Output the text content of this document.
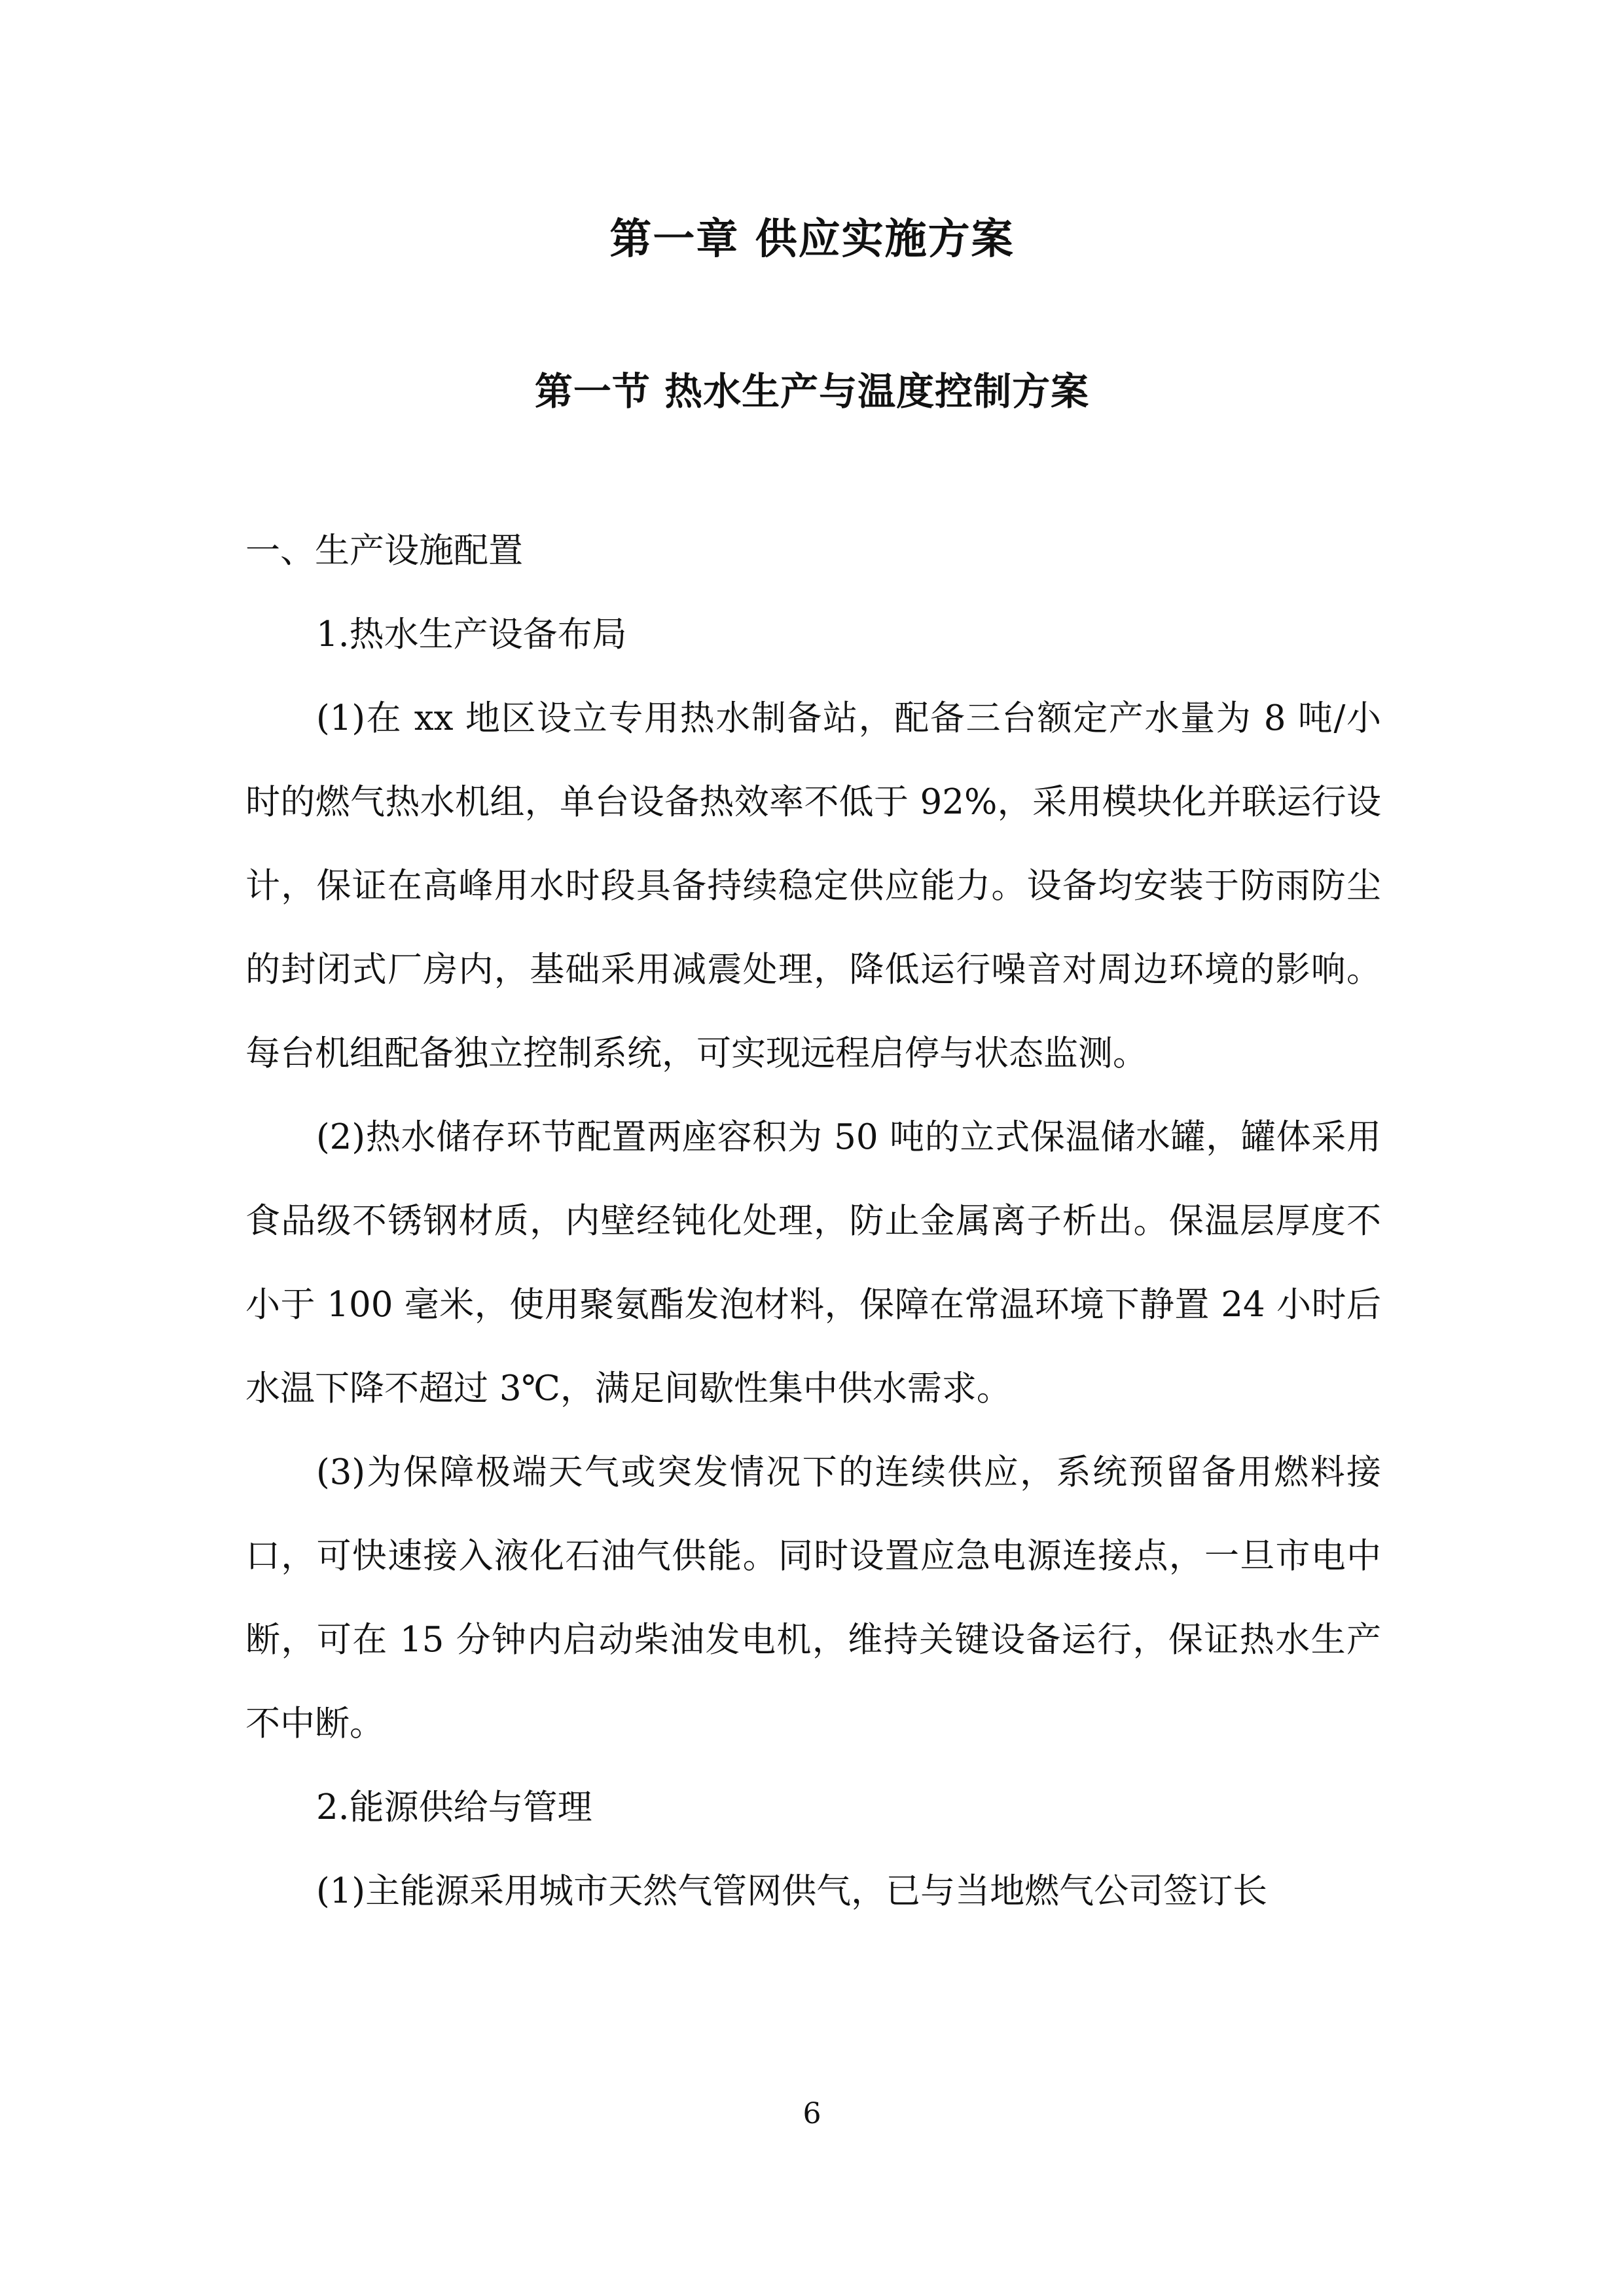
第一章 供应实施方案
第一节 热水生产与温度控制方案

一、生产设施配置

1.热水生产设备布局

(1)在 xx 地区设立专用热水制备站，配备三台额定产水量为 8 吨/小时的燃气热水机组，单台设备热效率不低于 92%，采用模块化并联运行设计，保证在高峰用水时段具备持续稳定供应能力。设备均安装于防雨防尘的封闭式厂房内，基础采用减震处理，降低运行噪音对周边环境的影响。每台机组配备独立控制系统，可实现远程启停与状态监测。

(2)热水储存环节配置两座容积为 50 吨的立式保温储水罐，罐体采用食品级不锈钢材质，内壁经钝化处理，防止金属离子析出。保温层厚度不小于 100 毫米，使用聚氨酯发泡材料，保障在常温环境下静置 24 小时后水温下降不超过 3℃，满足间歇性集中供水需求。

(3)为保障极端天气或突发情况下的连续供应，系统预留备用燃料接口，可快速接入液化石油气供能。同时设置应急电源连接点，一旦市电中断，可在 15 分钟内启动柴油发电机，维持关键设备运行，保证热水生产不中断。

2.能源供给与管理

(1)主能源采用城市天然气管网供气，已与当地燃气公司签订长

6
